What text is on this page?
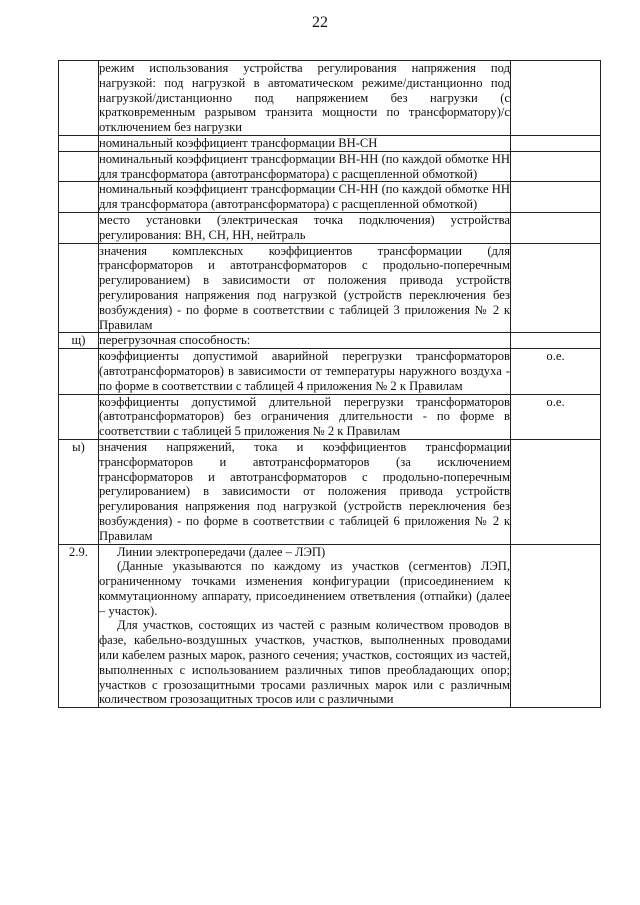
22

	режим использования устройства регулирования напряжения под нагрузкой: под нагрузкой в автоматическом режиме/дистанционно под нагрузкой/дистанционно под напряжением без нагрузки (с кратковременным разрывом транзита мощности по трансформатору)/с отключением без нагрузки	

	номинальный коэффициент трансформации ВН-СН	

	номинальный коэффициент трансформации ВН-НН (по каждой обмотке НН для трансформатора (автотрансформатора) с расщепленной обмоткой)	

	номинальный коэффициент трансформации СН-НН (по каждой обмотке НН для трансформатора (автотрансформатора) с расщепленной обмоткой)	

	место установки (электрическая точка подключения) устройства регулирования: ВН, СН, НН, нейтраль	

	значения комплексных коэффициентов трансформации (для трансформаторов и автотрансформаторов с продольно-поперечным регулированием) в зависимости от положения привода устройств регулирования напряжения под нагрузкой (устройств переключения без возбуждения) - по форме в соответствии с таблицей 3 приложения № 2 к Правилам	

щ)	перегрузочная способность:	

	коэффициенты допустимой аварийной перегрузки трансформаторов (автотрансформаторов) в зависимости от температуры наружного воздуха - по форме в соответствии с таблицей 4 приложения № 2 к Правилам	о.е.

	коэффициенты допустимой длительной перегрузки трансформаторов (автотрансформаторов) без ограничения длительности - по форме в соответствии с таблицей 5 приложения № 2 к Правилам	о.е.
ы)	значения напряжений, тока и коэффициентов трансформации трансформаторов и автотрансформаторов (за исключением трансформаторов и автотрансформаторов с продольно-поперечным регулированием) в зависимости от положения привода устройств регулирования напряжения под нагрузкой (устройств переключения без возбуждения) - по форме в соответствии с таблицей 6 приложения № 2 к Правилам	

2.9.	Линии электропередачи (далее – ЛЭП)

(Данные указываются по каждому из участков (сегментов) ЛЭП, ограниченному точками изменения конфигурации (присоединением к коммутационному аппарату, присоединением ответвления (отпайки) (далее – участок).

Для участков, состоящих из частей с разным количеством проводов в фазе, кабельно-воздушных участков, участков, выполненных проводами или кабелем разных марок, разного сечения; участков, состоящих из частей, выполненных с использованием различных типов преобладающих опор; участков с грозозащитными тросами различных марок или с различным количеством грозозащитных тросов или с различными	
